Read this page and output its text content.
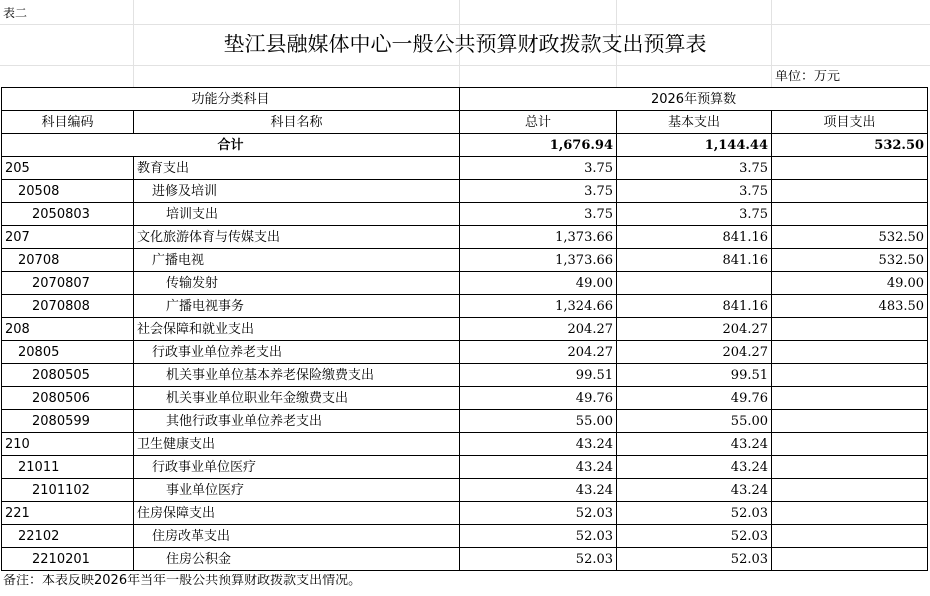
表二
垫江县融媒体中心一般公共预算财政拨款支出预算表
单位：万元
功能分类科目		2026年预算数		
科目编码	科目名称	总计	基本支出	项目支出
合计		1,676.94	1,144.44	532.50
205	教育支出	3.75	3.75	
20508	进修及培训	3.75	3.75	
2050803	培训支出	3.75	3.75	
207	文化旅游体育与传媒支出	1,373.66	841.16	532.50
20708	广播电视	1,373.66	841.16	532.50
2070807	传输发射	49.00		49.00
2070808	广播电视事务	1,324.66	841.16	483.50
208	社会保障和就业支出	204.27	204.27	
20805	行政事业单位养老支出	204.27	204.27	
2080505	机关事业单位基本养老保险缴费支出	99.51	99.51	
2080506	机关事业单位职业年金缴费支出	49.76	49.76	
2080599	其他行政事业单位养老支出	55.00	55.00	
210	卫生健康支出	43.24	43.24	
21011	行政事业单位医疗	43.24	43.24	
2101102	事业单位医疗	43.24	43.24	
221	住房保障支出	52.03	52.03	
22102	住房改革支出	52.03	52.03	
2210201	住房公积金	52.03	52.03	
备注：本表反映2026年当年一般公共预算财政拨款支出情况。
